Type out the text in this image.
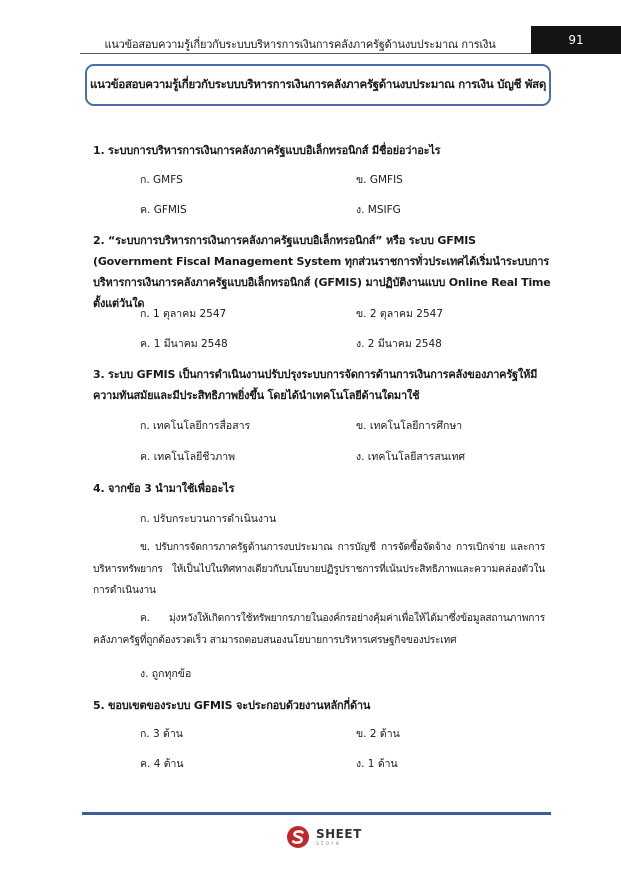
แนวข้อสอบความรู้เกี่ยวกับระบบบริหารการเงินการคลังภาครัฐด้านงบประมาณ การเงิน	91
แนวข้อสอบความรู้เกี่ยวกับระบบบริหารการเงินการคลังภาครัฐด้านงบประมาณ การเงิน บัญชี พัสดุ
1. ระบบการบริหารการเงินการคลังภาครัฐแบบอิเล็กทรอนิกส์ มีชื่อย่อว่าอะไร
ก. GMFS	ข. GMFIS
ค. GFMIS	ง. MSIFG
2. “ระบบการบริหารการเงินการคลังภาครัฐแบบอิเล็กทรอนิกส์” หรือ ระบบ GFMIS (Government Fiscal Management System ทุกส่วนราชการทั่วประเทศได้เริ่มนำระบบการบริหารการเงินการคลังภาครัฐแบบอิเล็กทรอนิกส์ (GFMIS) มาปฏิบัติงานแบบ Online Real Time ตั้งแต่วันใด
ก. 1 ตุลาคม 2547	ข. 2 ตุลาคม 2547
ค. 1 มีนาคม 2548	ง. 2 มีนาคม 2548
3. ระบบ GFMIS เป็นการดำเนินงานปรับปรุงระบบการจัดการด้านการเงินการคลังของภาครัฐให้มีความทันสมัยและมีประสิทธิภาพยิ่งขึ้น โดยได้นำเทคโนโลยีด้านใดมาใช้
ก. เทคโนโลยีการสื่อสาร	ข. เทคโนโลยีการศึกษา
ค. เทคโนโลยีชีวภาพ	ง. เทคโนโลยีสารสนเทศ
4. จากข้อ 3 นำมาใช้เพื่ออะไร
ก. ปรับกระบวนการดำเนินงาน
ข. ปรับการจัดการภาครัฐด้านการงบประมาณ การบัญชี การจัดซื้อจัดจ้าง การเบิกจ่าย และการบริหารทรัพยากร ให้เป็นไปในทิศทางเดียวกับนโยบายปฏิรูปราชการที่เน้นประสิทธิภาพและความคล่องตัวในการดำเนินงาน
ค. มุ่งหวังให้เกิดการใช้ทรัพยากรภายในองค์กรอย่างคุ้มค่าเพื่อให้ได้มาซึ่งข้อมูลสถานภาพการคลังภาครัฐที่ถูกต้องรวดเร็ว สามารถตอบสนองนโยบายการบริหารเศรษฐกิจของประเทศ
ง. ถูกทุกข้อ
5. ขอบเขตของระบบ GFMIS จะประกอบด้วยงานหลักกี่ด้าน
ก. 3 ด้าน	ข. 2 ด้าน
ค. 4 ด้าน	ง. 1 ด้าน
SHEET
store
